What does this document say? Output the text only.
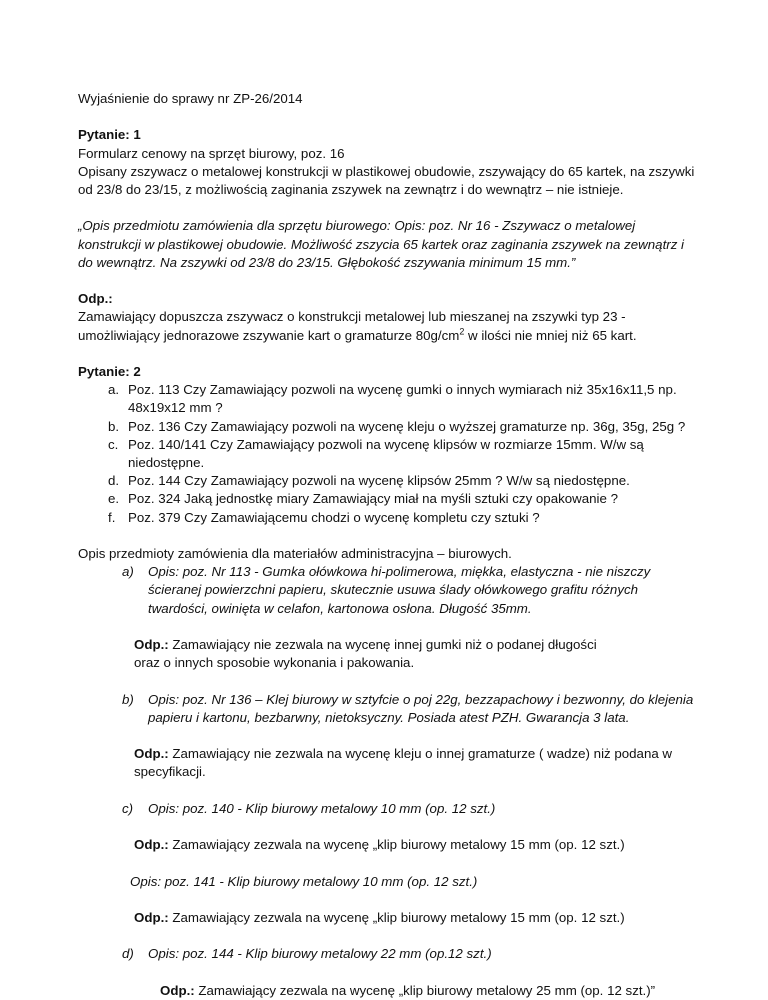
Wyjaśnienie do sprawy nr ZP-26/2014

Pytanie: 1

Formularz cenowy na sprzęt biurowy, poz. 16

Opisany zszywacz o metalowej konstrukcji w plastikowej obudowie, zszywający do 65 kartek, na zszywki od 23/8 do 23/15, z możliwością zaginania zszywek na zewnątrz i do wewnątrz – nie istnieje.

„Opis przedmiotu zamówienia dla sprzętu biurowego: Opis: poz. Nr 16 - Zszywacz o metalowej konstrukcji w plastikowej obudowie. Możliwość zszycia 65 kartek oraz zaginania zszywek na zewnątrz i do wewnątrz. Na zszywki od 23/8 do 23/15. Głębokość zszywania minimum 15 mm.”

Odp.:

Zamawiający dopuszcza zszywacz o konstrukcji metalowej lub mieszanej na zszywki typ 23 - umożliwiający jednorazowe zszywanie kart o gramaturze $80g/cm^2$ w ilości nie mniej niż 65 kart.

Pytanie: 2

a. Poz. 113 Czy Zamawiający pozwoli na wycenę gumki o innych wymiarach niż 35x16x11,5 np. 48x19x12 mm ?
b. Poz. 136 Czy Zamawiający pozwoli na wycenę kleju o wyższej gramaturze np. 36g, 35g, 25g ?
c. Poz. 140/141 Czy Zamawiający pozwoli na wycenę klipsów w rozmiarze 15mm. W/w są niedostępne.
d. Poz. 144 Czy Zamawiający pozwoli na wycenę klipsów 25mm ? W/w są niedostępne.
e. Poz. 324 Jaką jednostkę miary Zamawiający miał na myśli sztuki czy opakowanie ?
f. Poz. 379 Czy Zamawiającemu chodzi o wycenę kompletu czy sztuki ?

Opis przedmioty zamówienia dla materiałów administracyjna – biurowych.

a) Opis: poz. Nr 113 - Gumka ołówkowa hi-polimerowa, miękka, elastyczna - nie niszczy ścieranej powierzchni papieru, skutecznie usuwa ślady ołówkowego grafitu różnych twardości, owinięta w celafon, kartonowa osłona. Długość 35mm.

Odp.: Zamawiający nie zezwala na wycenę innej gumki niż o podanej długości

oraz o innych sposobie wykonania i pakowania.

b) Opis: poz. Nr 136 – Klej biurowy w sztyfcie o poj 22g, bezzapachowy i bezwonny, do klejenia papieru i kartonu, bezbarwny, nietoksyczny. Posiada atest PZH. Gwarancja 3 lata.

Odp.: Zamawiający nie zezwala na wycenę kleju o innej gramaturze ( wadze) niż podana w specyfikacji.

c) Opis: poz. 140 - Klip biurowy metalowy 10 mm (op. 12 szt.)

Odp.: Zamawiający zezwala na wycenę „klip biurowy metalowy 15 mm (op. 12 szt.)

Opis: poz. 141 - Klip biurowy metalowy 10 mm (op. 12 szt.)

Odp.: Zamawiający zezwala na wycenę „klip biurowy metalowy 15 mm (op. 12 szt.)

d) Opis: poz. 144 - Klip biurowy metalowy 22 mm (op.12 szt.)

Odp.: Zamawiający zezwala na wycenę „klip biurowy metalowy 25 mm (op. 12 szt.)”
